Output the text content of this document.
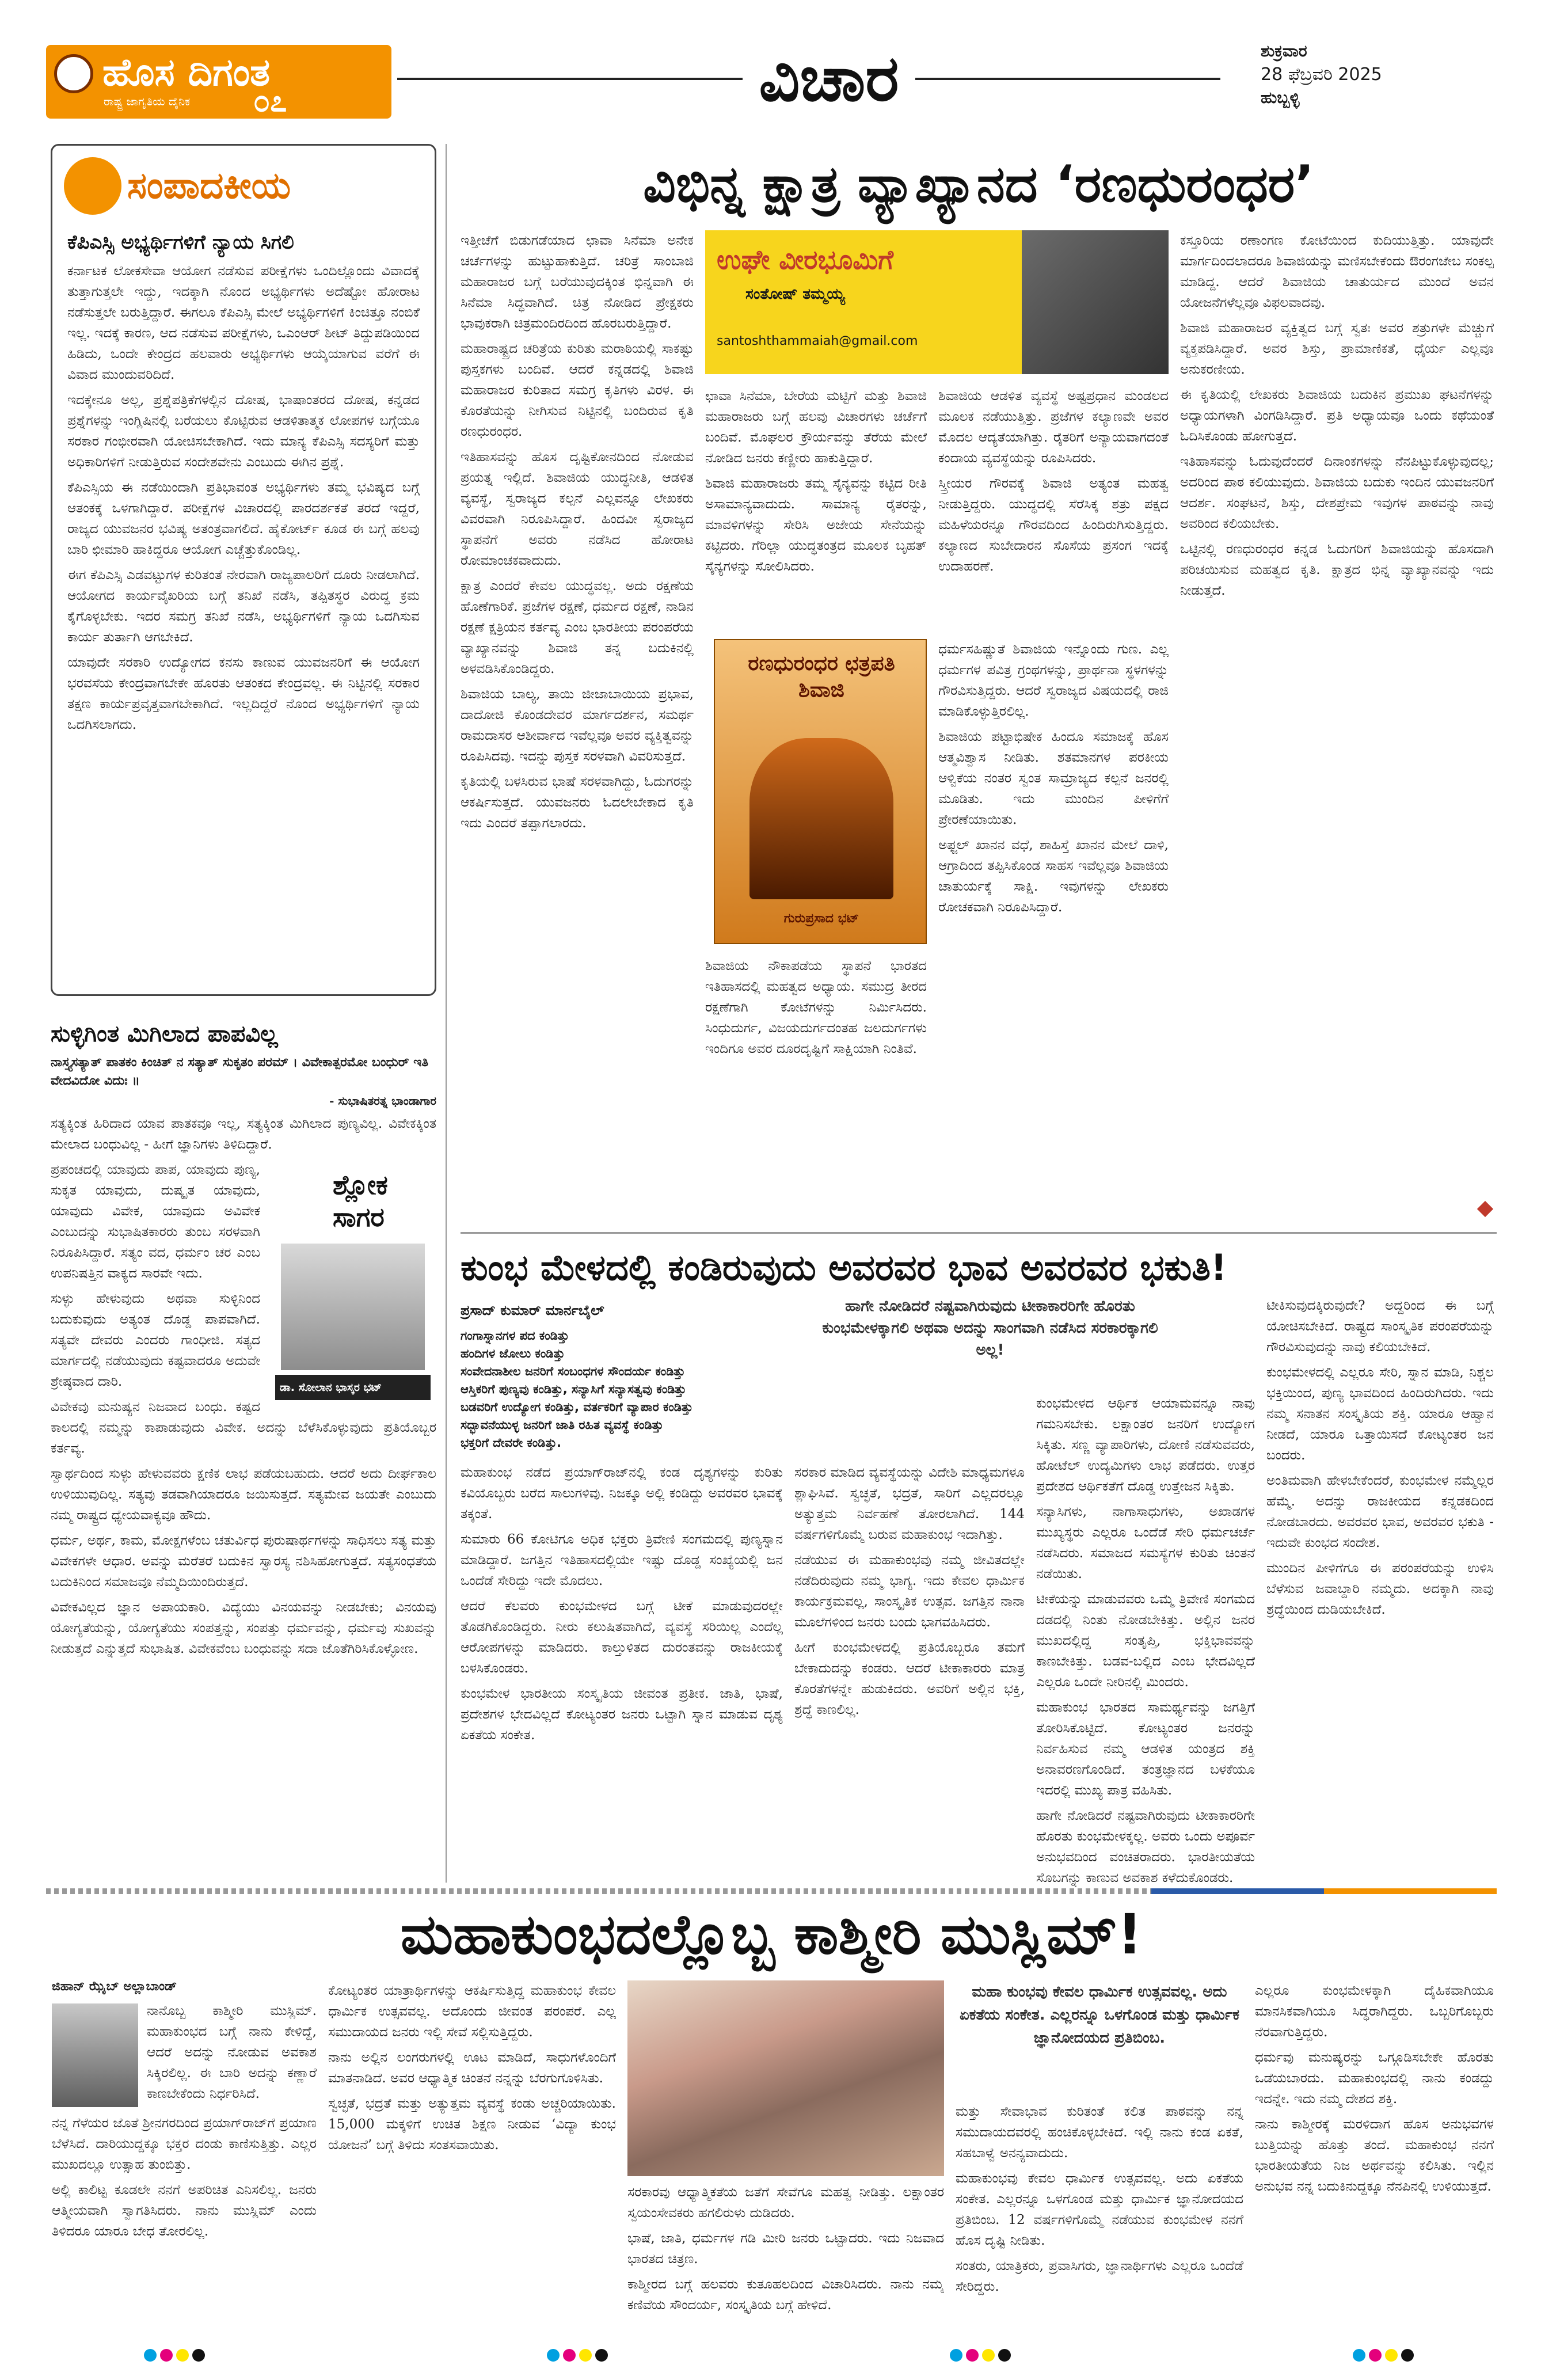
ಹೊಸ ದಿಗಂತ
ರಾಷ್ಟ್ರ ಜಾಗೃತಿಯ ದೈನಿಕ ೦೭	ವಿಚಾರ	ಶುಕ್ರವಾರ
28 ಫೆಬ್ರವರಿ 2025
ಹುಬ್ಬಳ್ಳಿ
ಸಂಪಾದಕೀಯ
ಕೆಪಿಎಸ್ಸಿ ಅಭ್ಯರ್ಥಿಗಳಿಗೆ ನ್ಯಾಯ ಸಿಗಲಿ

ಕರ್ನಾಟಕ ಲೋಕಸೇವಾ ಆಯೋಗ ನಡೆಸುವ ಪರೀಕ್ಷೆಗಳು ಒಂದಿಲ್ಲೊಂದು ವಿವಾದಕ್ಕೆ ತುತ್ತಾಗುತ್ತಲೇ ಇದ್ದು, ಇದಕ್ಕಾಗಿ ನೊಂದ ಅಭ್ಯರ್ಥಿಗಳು ಅದೆಷ್ಟೋ ಹೋರಾಟ ನಡೆಸುತ್ತಲೇ ಬರುತ್ತಿದ್ದಾರೆ. ಈಗಲೂ ಕೆಪಿಎಸ್ಸಿ ಮೇಲೆ ಅಭ್ಯರ್ಥಿಗಳಿಗೆ ಕಿಂಚಿತ್ತೂ ನಂಬಿಕೆ ಇಲ್ಲ. ಇದಕ್ಕೆ ಕಾರಣ, ಆದ ನಡೆಸುವ ಪರೀಕ್ಷೆಗಳು, ಒಎಂಆರ್ ಶೀಟ್ ತಿದ್ದುಪಡಿಯಿಂದ ಹಿಡಿದು, ಒಂದೇ ಕೇಂದ್ರದ ಹಲವಾರು ಅಭ್ಯರ್ಥಿಗಳು ಆಯ್ಕೆಯಾಗುವ ವರೆಗೆ ಈ ವಿವಾದ ಮುಂದುವರಿದಿದೆ.

ಇದಕ್ಕೇನೂ ಅಲ್ಲ, ಪ್ರಶ್ನೆಪತ್ರಿಕೆಗಳಲ್ಲಿನ ದೋಷ, ಭಾಷಾಂತರದ ದೋಷ, ಕನ್ನಡದ ಪ್ರಶ್ನೆಗಳನ್ನು ಇಂಗ್ಲಿಷಿನಲ್ಲಿ ಬರೆಯಲು ಕೊಟ್ಟಿರುವ ಆಡಳಿತಾತ್ಮಕ ಲೋಪಗಳ ಬಗ್ಗೆಯೂ ಸರಕಾರ ಗಂಭೀರವಾಗಿ ಯೋಚಿಸಬೇಕಾಗಿದೆ. ಇದು ಮಾನ್ಯ ಕೆಪಿಎಸ್ಸಿ ಸದಸ್ಯರಿಗೆ ಮತ್ತು ಅಧಿಕಾರಿಗಳಿಗೆ ನೀಡುತ್ತಿರುವ ಸಂದೇಶವೇನು ಎಂಬುದು ಈಗಿನ ಪ್ರಶ್ನೆ.

ಕೆಪಿಎಸ್ಸಿಯ ಈ ನಡೆಯಿಂದಾಗಿ ಪ್ರತಿಭಾವಂತ ಅಭ್ಯರ್ಥಿಗಳು ತಮ್ಮ ಭವಿಷ್ಯದ ಬಗ್ಗೆ ಆತಂಕಕ್ಕೆ ಒಳಗಾಗಿದ್ದಾರೆ. ಪರೀಕ್ಷೆಗಳ ವಿಚಾರದಲ್ಲಿ ಪಾರದರ್ಶಕತೆ ತರದೆ ಇದ್ದರೆ, ರಾಜ್ಯದ ಯುವಜನರ ಭವಿಷ್ಯ ಅತಂತ್ರವಾಗಲಿದೆ. ಹೈಕೋರ್ಟ್ ಕೂಡ ಈ ಬಗ್ಗೆ ಹಲವು ಬಾರಿ ಛೀಮಾರಿ ಹಾಕಿದ್ದರೂ ಆಯೋಗ ಎಚ್ಚೆತ್ತುಕೊಂಡಿಲ್ಲ.

ಈಗ ಕೆಪಿಎಸ್ಸಿ ಎಡವಟ್ಟುಗಳ ಕುರಿತಂತೆ ನೇರವಾಗಿ ರಾಜ್ಯಪಾಲರಿಗೆ ದೂರು ನೀಡಲಾಗಿದೆ. ಆಯೋಗದ ಕಾರ್ಯವೈಖರಿಯ ಬಗ್ಗೆ ತನಿಖೆ ನಡೆಸಿ, ತಪ್ಪಿತಸ್ಥರ ವಿರುದ್ಧ ಕ್ರಮ ಕೈಗೊಳ್ಳಬೇಕು. ಇದರ ಸಮಗ್ರ ತನಿಖೆ ನಡೆಸಿ, ಅಭ್ಯರ್ಥಿಗಳಿಗೆ ನ್ಯಾಯ ಒದಗಿಸುವ ಕಾರ್ಯ ತುರ್ತಾಗಿ ಆಗಬೇಕಿದೆ.

ಯಾವುದೇ ಸರಕಾರಿ ಉದ್ಯೋಗದ ಕನಸು ಕಾಣುವ ಯುವಜನರಿಗೆ ಈ ಆಯೋಗ ಭರವಸೆಯ ಕೇಂದ್ರವಾಗಬೇಕೇ ಹೊರತು ಆತಂಕದ ಕೇಂದ್ರವಲ್ಲ. ಈ ನಿಟ್ಟಿನಲ್ಲಿ ಸರಕಾರ ತಕ್ಷಣ ಕಾರ್ಯಪ್ರವೃತ್ತವಾಗಬೇಕಾಗಿದೆ. ಇಲ್ಲದಿದ್ದರೆ ನೊಂದ ಅಭ್ಯರ್ಥಿಗಳಿಗೆ ನ್ಯಾಯ ಒದಗಿಸಲಾಗದು.

ಸುಳ್ಳಿಗಿಂತ ಮಿಗಿಲಾದ ಪಾಪವಿಲ್ಲ
ನಾಸ್ತ್ಯಸತ್ಯಾತ್ ಪಾತಕಂ ಕಿಂಚಿತ್ ನ ಸತ್ಯಾತ್ ಸುಕೃತಂ ಪರಮ್ । ವಿವೇಕಾತ್ಪರಮೋ ಬಂಧುರ್ ಇತಿ ವೇದವಿದೋ ವಿದುಃ ॥
- ಸುಭಾಷಿತರತ್ನ ಭಾಂಡಾಗಾರ

ಸತ್ಯಕ್ಕಿಂತ ಹಿರಿದಾದ ಯಾವ ಪಾತಕವೂ ಇಲ್ಲ, ಸತ್ಯಕ್ಕಿಂತ ಮಿಗಿಲಾದ ಪುಣ್ಯವಿಲ್ಲ. ವಿವೇಕಕ್ಕಿಂತ ಮೇಲಾದ ಬಂಧುವಿಲ್ಲ - ಹೀಗೆ ಜ್ಞಾನಿಗಳು ತಿಳಿದಿದ್ದಾರೆ.

ಶ್ಲೋಕ ಸಾಗರ
ಡಾ. ಸೋಲಾನ ಭಾಸ್ಕರ ಭಟ್

ಪ್ರಪಂಚದಲ್ಲಿ ಯಾವುದು ಪಾಪ, ಯಾವುದು ಪುಣ್ಯ, ಸುಕೃತ ಯಾವುದು, ದುಷ್ಕೃತ ಯಾವುದು, ಯಾವುದು ವಿವೇಕ, ಯಾವುದು ಅವಿವೇಕ ಎಂಬುದನ್ನು ಸುಭಾಷಿತಕಾರರು ತುಂಬ ಸರಳವಾಗಿ ನಿರೂಪಿಸಿದ್ದಾರೆ. ಸತ್ಯಂ ವದ, ಧರ್ಮಂ ಚರ ಎಂಬ ಉಪನಿಷತ್ತಿನ ವಾಕ್ಯದ ಸಾರವೇ ಇದು.

ಸುಳ್ಳು ಹೇಳುವುದು ಅಥವಾ ಸುಳ್ಳಿನಿಂದ ಬದುಕುವುದು ಅತ್ಯಂತ ದೊಡ್ಡ ಪಾಪವಾಗಿದೆ. ಸತ್ಯವೇ ದೇವರು ಎಂದರು ಗಾಂಧೀಜಿ. ಸತ್ಯದ ಮಾರ್ಗದಲ್ಲಿ ನಡೆಯುವುದು ಕಷ್ಟವಾದರೂ ಅದುವೇ ಶ್ರೇಷ್ಠವಾದ ದಾರಿ.

ವಿವೇಕವು ಮನುಷ್ಯನ ನಿಜವಾದ ಬಂಧು. ಕಷ್ಟದ ಕಾಲದಲ್ಲಿ ನಮ್ಮನ್ನು ಕಾಪಾಡುವುದು ವಿವೇಕ. ಅದನ್ನು ಬೆಳೆಸಿಕೊಳ್ಳುವುದು ಪ್ರತಿಯೊಬ್ಬರ ಕರ್ತವ್ಯ.

ಸ್ವಾರ್ಥದಿಂದ ಸುಳ್ಳು ಹೇಳುವವರು ಕ್ಷಣಿಕ ಲಾಭ ಪಡೆಯಬಹುದು. ಆದರೆ ಅದು ದೀರ್ಘಕಾಲ ಉಳಿಯುವುದಿಲ್ಲ. ಸತ್ಯವು ತಡವಾಗಿಯಾದರೂ ಜಯಿಸುತ್ತದೆ. ಸತ್ಯಮೇವ ಜಯತೇ ಎಂಬುದು ನಮ್ಮ ರಾಷ್ಟ್ರದ ಧ್ಯೇಯವಾಕ್ಯವೂ ಹೌದು.

ಧರ್ಮ, ಅರ್ಥ, ಕಾಮ, ಮೋಕ್ಷಗಳೆಂಬ ಚತುರ್ವಿಧ ಪುರುಷಾರ್ಥಗಳನ್ನು ಸಾಧಿಸಲು ಸತ್ಯ ಮತ್ತು ವಿವೇಕಗಳೇ ಆಧಾರ. ಅವನ್ನು ಮರೆತರೆ ಬದುಕಿನ ಸ್ವಾರಸ್ಯ ನಶಿಸಿಹೋಗುತ್ತದೆ. ಸತ್ಯಸಂಧತೆಯ ಬದುಕಿನಿಂದ ಸಮಾಜವೂ ನೆಮ್ಮದಿಯಿಂದಿರುತ್ತದೆ.

ವಿವೇಕವಿಲ್ಲದ ಜ್ಞಾನ ಅಪಾಯಕಾರಿ. ವಿದ್ಯೆಯು ವಿನಯವನ್ನು ನೀಡಬೇಕು; ವಿನಯವು ಯೋಗ್ಯತೆಯನ್ನು, ಯೋಗ್ಯತೆಯು ಸಂಪತ್ತನ್ನು, ಸಂಪತ್ತು ಧರ್ಮವನ್ನು, ಧರ್ಮವು ಸುಖವನ್ನು ನೀಡುತ್ತದೆ ಎನ್ನುತ್ತದೆ ಸುಭಾಷಿತ. ವಿವೇಕವೆಂಬ ಬಂಧುವನ್ನು ಸದಾ ಜೊತೆಗಿರಿಸಿಕೊಳ್ಳೋಣ.

ವಿಭಿನ್ನ ಕ್ಷಾತ್ರ ವ್ಯಾಖ್ಯಾನದ ‘ರಣಧುರಂಧರ’

ಇತ್ತೀಚೆಗೆ ಬಿಡುಗಡೆಯಾದ ಛಾವಾ ಸಿನೆಮಾ ಅನೇಕ ಚರ್ಚೆಗಳನ್ನು ಹುಟ್ಟುಹಾಕುತ್ತಿದೆ. ಚರಿತ್ರೆ ಸಾಂಬಾಜಿ ಮಹಾರಾಜರ ಬಗ್ಗೆ ಬರೆಯುವುದಕ್ಕಿಂತ ಭಿನ್ನವಾಗಿ ಈ ಸಿನೆಮಾ ಸಿದ್ಧವಾಗಿದೆ. ಚಿತ್ರ ನೋಡಿದ ಪ್ರೇಕ್ಷಕರು ಭಾವುಕರಾಗಿ ಚಿತ್ರಮಂದಿರದಿಂದ ಹೊರಬರುತ್ತಿದ್ದಾರೆ.

ಮಹಾರಾಷ್ಟ್ರದ ಚರಿತ್ರೆಯ ಕುರಿತು ಮರಾಠಿಯಲ್ಲಿ ಸಾಕಷ್ಟು ಪುಸ್ತಕಗಳು ಬಂದಿವೆ. ಆದರೆ ಕನ್ನಡದಲ್ಲಿ ಶಿವಾಜಿ ಮಹಾರಾಜರ ಕುರಿತಾದ ಸಮಗ್ರ ಕೃತಿಗಳು ವಿರಳ. ಈ ಕೊರತೆಯನ್ನು ನೀಗಿಸುವ ನಿಟ್ಟಿನಲ್ಲಿ ಬಂದಿರುವ ಕೃತಿ ರಣಧುರಂಧರ.

ಇತಿಹಾಸವನ್ನು ಹೊಸ ದೃಷ್ಟಿಕೋನದಿಂದ ನೋಡುವ ಪ್ರಯತ್ನ ಇಲ್ಲಿದೆ. ಶಿವಾಜಿಯ ಯುದ್ಧನೀತಿ, ಆಡಳಿತ ವ್ಯವಸ್ಥೆ, ಸ್ವರಾಜ್ಯದ ಕಲ್ಪನೆ ಎಲ್ಲವನ್ನೂ ಲೇಖಕರು ವಿವರವಾಗಿ ನಿರೂಪಿಸಿದ್ದಾರೆ. ಹಿಂದವೀ ಸ್ವರಾಜ್ಯದ ಸ್ಥಾಪನೆಗೆ ಅವರು ನಡೆಸಿದ ಹೋರಾಟ ರೋಮಾಂಚಕವಾದುದು.

ಕ್ಷಾತ್ರ ಎಂದರೆ ಕೇವಲ ಯುದ್ಧವಲ್ಲ. ಅದು ರಕ್ಷಣೆಯ ಹೊಣೆಗಾರಿಕೆ. ಪ್ರಜೆಗಳ ರಕ್ಷಣೆ, ಧರ್ಮದ ರಕ್ಷಣೆ, ನಾಡಿನ ರಕ್ಷಣೆ ಕ್ಷತ್ರಿಯನ ಕರ್ತವ್ಯ ಎಂಬ ಭಾರತೀಯ ಪರಂಪರೆಯ ವ್ಯಾಖ್ಯಾನವನ್ನು ಶಿವಾಜಿ ತನ್ನ ಬದುಕಿನಲ್ಲಿ ಅಳವಡಿಸಿಕೊಂಡಿದ್ದರು.

ಶಿವಾಜಿಯ ಬಾಲ್ಯ, ತಾಯಿ ಜೀಜಾಬಾಯಿಯ ಪ್ರಭಾವ, ದಾದೋಜಿ ಕೊಂಡದೇವರ ಮಾರ್ಗದರ್ಶನ, ಸಮರ್ಥ ರಾಮದಾಸರ ಆಶೀರ್ವಾದ ಇವೆಲ್ಲವೂ ಅವರ ವ್ಯಕ್ತಿತ್ವವನ್ನು ರೂಪಿಸಿದವು. ಇದನ್ನು ಪುಸ್ತಕ ಸರಳವಾಗಿ ವಿವರಿಸುತ್ತದೆ.

ಕೃತಿಯಲ್ಲಿ ಬಳಸಿರುವ ಭಾಷೆ ಸರಳವಾಗಿದ್ದು, ಓದುಗರನ್ನು ಆಕರ್ಷಿಸುತ್ತದೆ. ಯುವಜನರು ಓದಲೇಬೇಕಾದ ಕೃತಿ ಇದು ಎಂದರೆ ತಪ್ಪಾಗಲಾರದು.

ಉಘೇ ವೀರಭೂಮಿಗೆ
ಸಂತೋಷ್ ತಮ್ಮಯ್ಯ
santoshthammaiah@gmail.com

ಛಾವಾ ಸಿನೆಮಾ, ಬೇರೆಯ ಮಟ್ಟಿಗೆ ಮತ್ತು ಶಿವಾಜಿ ಮಹಾರಾಜರು ಬಗ್ಗೆ ಹಲವು ವಿಚಾರಗಳು ಚರ್ಚೆಗೆ ಬಂದಿವೆ. ಮೊಘಲರ ಕ್ರೌರ್ಯವನ್ನು ತೆರೆಯ ಮೇಲೆ ನೋಡಿದ ಜನರು ಕಣ್ಣೀರು ಹಾಕುತ್ತಿದ್ದಾರೆ.

ಶಿವಾಜಿ ಮಹಾರಾಜರು ತಮ್ಮ ಸೈನ್ಯವನ್ನು ಕಟ್ಟಿದ ರೀತಿ ಅಸಾಮಾನ್ಯವಾದುದು. ಸಾಮಾನ್ಯ ರೈತರನ್ನು, ಮಾವಳಿಗಳನ್ನು ಸೇರಿಸಿ ಅಜೇಯ ಸೇನೆಯನ್ನು ಕಟ್ಟಿದರು. ಗೆರಿಲ್ಲಾ ಯುದ್ಧತಂತ್ರದ ಮೂಲಕ ಬೃಹತ್ ಸೈನ್ಯಗಳನ್ನು ಸೋಲಿಸಿದರು.

ಶಿವಾಜಿಯ ಆಡಳಿತ ವ್ಯವಸ್ಥೆ ಅಷ್ಟಪ್ರಧಾನ ಮಂಡಲದ ಮೂಲಕ ನಡೆಯುತ್ತಿತ್ತು. ಪ್ರಜೆಗಳ ಕಲ್ಯಾಣವೇ ಅವರ ಮೊದಲ ಆದ್ಯತೆಯಾಗಿತ್ತು. ರೈತರಿಗೆ ಅನ್ಯಾಯವಾಗದಂತೆ ಕಂದಾಯ ವ್ಯವಸ್ಥೆಯನ್ನು ರೂಪಿಸಿದರು.

ಸ್ತ್ರೀಯರ ಗೌರವಕ್ಕೆ ಶಿವಾಜಿ ಅತ್ಯಂತ ಮಹತ್ವ ನೀಡುತ್ತಿದ್ದರು. ಯುದ್ಧದಲ್ಲಿ ಸೆರೆಸಿಕ್ಕ ಶತ್ರು ಪಕ್ಷದ ಮಹಿಳೆಯರನ್ನೂ ಗೌರವದಿಂದ ಹಿಂದಿರುಗಿಸುತ್ತಿದ್ದರು. ಕಲ್ಯಾಣದ ಸುಬೇದಾರನ ಸೊಸೆಯ ಪ್ರಸಂಗ ಇದಕ್ಕೆ ಉದಾಹರಣೆ.

ರಣಧುರಂಧರ ಛತ್ರಪತಿ ಶಿವಾಜಿ
ಗುರುಪ್ರಸಾದ ಭಟ್

ಧರ್ಮಸಹಿಷ್ಣುತೆ ಶಿವಾಜಿಯ ಇನ್ನೊಂದು ಗುಣ. ಎಲ್ಲ ಧರ್ಮಗಳ ಪವಿತ್ರ ಗ್ರಂಥಗಳನ್ನು, ಪ್ರಾರ್ಥನಾ ಸ್ಥಳಗಳನ್ನು ಗೌರವಿಸುತ್ತಿದ್ದರು. ಆದರೆ ಸ್ವರಾಜ್ಯದ ವಿಷಯದಲ್ಲಿ ರಾಜಿ ಮಾಡಿಕೊಳ್ಳುತ್ತಿರಲಿಲ್ಲ.

ಶಿವಾಜಿಯ ಪಟ್ಟಾಭಿಷೇಕ ಹಿಂದೂ ಸಮಾಜಕ್ಕೆ ಹೊಸ ಆತ್ಮವಿಶ್ವಾಸ ನೀಡಿತು. ಶತಮಾನಗಳ ಪರಕೀಯ ಆಳ್ವಿಕೆಯ ನಂತರ ಸ್ವಂತ ಸಾಮ್ರಾಜ್ಯದ ಕಲ್ಪನೆ ಜನರಲ್ಲಿ ಮೂಡಿತು. ಇದು ಮುಂದಿನ ಪೀಳಿಗೆಗೆ ಪ್ರೇರಣೆಯಾಯಿತು.

ಅಫ್ಜಲ್ ಖಾನನ ವಧೆ, ಶಾಹಿಸ್ತೆ ಖಾನನ ಮೇಲೆ ದಾಳಿ, ಆಗ್ರಾದಿಂದ ತಪ್ಪಿಸಿಕೊಂಡ ಸಾಹಸ ಇವೆಲ್ಲವೂ ಶಿವಾಜಿಯ ಚಾತುರ್ಯಕ್ಕೆ ಸಾಕ್ಷಿ. ಇವುಗಳನ್ನು ಲೇಖಕರು ರೋಚಕವಾಗಿ ನಿರೂಪಿಸಿದ್ದಾರೆ.

ಶಿವಾಜಿಯ ನೌಕಾಪಡೆಯ ಸ್ಥಾಪನೆ ಭಾರತದ ಇತಿಹಾಸದಲ್ಲಿ ಮಹತ್ವದ ಅಧ್ಯಾಯ. ಸಮುದ್ರ ತೀರದ ರಕ್ಷಣೆಗಾಗಿ ಕೋಟೆಗಳನ್ನು ನಿರ್ಮಿಸಿದರು. ಸಿಂಧುದುರ್ಗ, ವಿಜಯದುರ್ಗದಂತಹ ಜಲದುರ್ಗಗಳು ಇಂದಿಗೂ ಅವರ ದೂರದೃಷ್ಟಿಗೆ ಸಾಕ್ಷಿಯಾಗಿ ನಿಂತಿವೆ.

ಕಸ್ತೂರಿಯ ರಣಾಂಗಣ ಕೋಟೆಯಿಂದ ಕುದಿಯುತ್ತಿತ್ತು. ಯಾವುದೇ ಮಾರ್ಗದಿಂದಲಾದರೂ ಶಿವಾಜಿಯನ್ನು ಮಣಿಸಬೇಕೆಂದು ಔರಂಗಜೇಬ ಸಂಕಲ್ಪ ಮಾಡಿದ್ದ. ಆದರೆ ಶಿವಾಜಿಯ ಚಾತುರ್ಯದ ಮುಂದೆ ಅವನ ಯೋಜನೆಗಳೆಲ್ಲವೂ ವಿಫಲವಾದವು.

ಶಿವಾಜಿ ಮಹಾರಾಜರ ವ್ಯಕ್ತಿತ್ವದ ಬಗ್ಗೆ ಸ್ವತಃ ಅವರ ಶತ್ರುಗಳೇ ಮೆಚ್ಚುಗೆ ವ್ಯಕ್ತಪಡಿಸಿದ್ದಾರೆ. ಅವರ ಶಿಸ್ತು, ಪ್ರಾಮಾಣಿಕತೆ, ಧೈರ್ಯ ಎಲ್ಲವೂ ಅನುಕರಣೀಯ.

ಈ ಕೃತಿಯಲ್ಲಿ ಲೇಖಕರು ಶಿವಾಜಿಯ ಬದುಕಿನ ಪ್ರಮುಖ ಘಟನೆಗಳನ್ನು ಅಧ್ಯಾಯಗಳಾಗಿ ವಿಂಗಡಿಸಿದ್ದಾರೆ. ಪ್ರತಿ ಅಧ್ಯಾಯವೂ ಒಂದು ಕಥೆಯಂತೆ ಓದಿಸಿಕೊಂಡು ಹೋಗುತ್ತದೆ.

ಇತಿಹಾಸವನ್ನು ಓದುವುದೆಂದರೆ ದಿನಾಂಕಗಳನ್ನು ನೆನಪಿಟ್ಟುಕೊಳ್ಳುವುದಲ್ಲ; ಅದರಿಂದ ಪಾಠ ಕಲಿಯುವುದು. ಶಿವಾಜಿಯ ಬದುಕು ಇಂದಿನ ಯುವಜನರಿಗೆ ಆದರ್ಶ. ಸಂಘಟನೆ, ಶಿಸ್ತು, ದೇಶಪ್ರೇಮ ಇವುಗಳ ಪಾಠವನ್ನು ನಾವು ಅವರಿಂದ ಕಲಿಯಬೇಕು.

ಒಟ್ಟಿನಲ್ಲಿ ರಣಧುರಂಧರ ಕನ್ನಡ ಓದುಗರಿಗೆ ಶಿವಾಜಿಯನ್ನು ಹೊಸದಾಗಿ ಪರಿಚಯಿಸುವ ಮಹತ್ವದ ಕೃತಿ. ಕ್ಷಾತ್ರದ ಭಿನ್ನ ವ್ಯಾಖ್ಯಾನವನ್ನು ಇದು ನೀಡುತ್ತದೆ.

ಕುಂಭ ಮೇಳದಲ್ಲಿ ಕಂಡಿರುವುದು ಅವರವರ ಭಾವ ಅವರವರ ಭಕುತಿ!
ಪ್ರಸಾದ್ ಕುಮಾರ್ ಮಾರ್ನಬೈಲ್
ಗಂಗಾಸ್ನಾನಗಳ ಪದ ಕಂಡಿತ್ತು
ಹಂದಿಗಳ ಜೋಲು ಕಂಡಿತ್ತು
ಸಂವೇದನಾಶೀಲ ಜನರಿಗೆ ಸಂಬಂಧಗಳ ಸೌಂದರ್ಯ ಕಂಡಿತ್ತು
ಆಸ್ತಿಕರಿಗೆ ಪುಣ್ಯವು ಕಂಡಿತ್ತು, ಸನ್ಯಾಸಿಗೆ ಸನ್ಯಾಸತ್ವವು ಕಂಡಿತ್ತು
ಬಡವರಿಗೆ ಉದ್ಯೋಗ ಕಂಡಿತ್ತು, ವರ್ತಕರಿಗೆ ವ್ಯಾಪಾರ ಕಂಡಿತ್ತು
ಸದ್ಭಾವನೆಯುಳ್ಳ ಜನರಿಗೆ ಜಾತಿ ರಹಿತ ವ್ಯವಸ್ಥೆ ಕಂಡಿತ್ತು
ಭಕ್ತರಿಗೆ ದೇವರೇ ಕಂಡಿತ್ತು.

ಮಹಾಕುಂಭ ನಡೆದ ಪ್ರಯಾಗ್‌ರಾಜ್‌ನಲ್ಲಿ ಕಂಡ ದೃಶ್ಯಗಳನ್ನು ಕುರಿತು ಕವಿಯೊಬ್ಬರು ಬರೆದ ಸಾಲುಗಳಿವು. ನಿಜಕ್ಕೂ ಅಲ್ಲಿ ಕಂಡಿದ್ದು ಅವರವರ ಭಾವಕ್ಕೆ ತಕ್ಕಂತೆ.

ಸುಮಾರು 66 ಕೋಟಿಗೂ ಅಧಿಕ ಭಕ್ತರು ತ್ರಿವೇಣಿ ಸಂಗಮದಲ್ಲಿ ಪುಣ್ಯಸ್ನಾನ ಮಾಡಿದ್ದಾರೆ. ಜಗತ್ತಿನ ಇತಿಹಾಸದಲ್ಲಿಯೇ ಇಷ್ಟು ದೊಡ್ಡ ಸಂಖ್ಯೆಯಲ್ಲಿ ಜನ ಒಂದೆಡೆ ಸೇರಿದ್ದು ಇದೇ ಮೊದಲು.

ಆದರೆ ಕೆಲವರು ಕುಂಭಮೇಳದ ಬಗ್ಗೆ ಟೀಕೆ ಮಾಡುವುದರಲ್ಲೇ ತೊಡಗಿಕೊಂಡಿದ್ದರು. ನೀರು ಕಲುಷಿತವಾಗಿದೆ, ವ್ಯವಸ್ಥೆ ಸರಿಯಿಲ್ಲ ಎಂದೆಲ್ಲ ಆರೋಪಗಳನ್ನು ಮಾಡಿದರು. ಕಾಲ್ತುಳಿತದ ದುರಂತವನ್ನು ರಾಜಕೀಯಕ್ಕೆ ಬಳಸಿಕೊಂಡರು.

ಕುಂಭಮೇಳ ಭಾರತೀಯ ಸಂಸ್ಕೃತಿಯ ಜೀವಂತ ಪ್ರತೀಕ. ಜಾತಿ, ಭಾಷೆ, ಪ್ರದೇಶಗಳ ಭೇದವಿಲ್ಲದೆ ಕೋಟ್ಯಂತರ ಜನರು ಒಟ್ಟಾಗಿ ಸ್ನಾನ ಮಾಡುವ ದೃಶ್ಯ ಏಕತೆಯ ಸಂಕೇತ.

ಸರಕಾರ ಮಾಡಿದ ವ್ಯವಸ್ಥೆಯನ್ನು ವಿದೇಶಿ ಮಾಧ್ಯಮಗಳೂ ಶ್ಲಾಘಿಸಿವೆ. ಸ್ವಚ್ಛತೆ, ಭದ್ರತೆ, ಸಾರಿಗೆ ಎಲ್ಲದರಲ್ಲೂ ಅತ್ಯುತ್ತಮ ನಿರ್ವಹಣೆ ತೋರಲಾಗಿದೆ. 144 ವರ್ಷಗಳಿಗೊಮ್ಮೆ ಬರುವ ಮಹಾಕುಂಭ ಇದಾಗಿತ್ತು.

ನಡೆಯುವ ಈ ಮಹಾಕುಂಭವು ನಮ್ಮ ಜೀವಿತದಲ್ಲೇ ನಡೆದಿರುವುದು ನಮ್ಮ ಭಾಗ್ಯ. ಇದು ಕೇವಲ ಧಾರ್ಮಿಕ ಕಾರ್ಯಕ್ರಮವಲ್ಲ, ಸಾಂಸ್ಕೃತಿಕ ಉತ್ಸವ. ಜಗತ್ತಿನ ನಾನಾ ಮೂಲೆಗಳಿಂದ ಜನರು ಬಂದು ಭಾಗವಹಿಸಿದರು.

ಹೀಗೆ ಕುಂಭಮೇಳದಲ್ಲಿ ಪ್ರತಿಯೊಬ್ಬರೂ ತಮಗೆ ಬೇಕಾದುದನ್ನು ಕಂಡರು. ಆದರೆ ಟೀಕಾಕಾರರು ಮಾತ್ರ ಕೊರತೆಗಳನ್ನೇ ಹುಡುಕಿದರು. ಅವರಿಗೆ ಅಲ್ಲಿನ ಭಕ್ತಿ, ಶ್ರದ್ಧೆ ಕಾಣಲಿಲ್ಲ.

ಹಾಗೇ ನೋಡಿದರೆ ನಷ್ಟವಾಗಿರುವುದು ಟೀಕಾಕಾರರಿಗೇ ಹೊರತು ಕುಂಭಮೇಳಕ್ಕಾಗಲಿ ಅಥವಾ ಅದನ್ನು ಸಾಂಗವಾಗಿ ನಡೆಸಿದ ಸರಕಾರಕ್ಕಾಗಲಿ ಅಲ್ಲ!

ಕುಂಭಮೇಳದ ಆರ್ಥಿಕ ಆಯಾಮವನ್ನೂ ನಾವು ಗಮನಿಸಬೇಕು. ಲಕ್ಷಾಂತರ ಜನರಿಗೆ ಉದ್ಯೋಗ ಸಿಕ್ಕಿತು. ಸಣ್ಣ ವ್ಯಾಪಾರಿಗಳು, ದೋಣಿ ನಡೆಸುವವರು, ಹೋಟೆಲ್ ಉದ್ಯಮಿಗಳು ಲಾಭ ಪಡೆದರು. ಉತ್ತರ ಪ್ರದೇಶದ ಆರ್ಥಿಕತೆಗೆ ದೊಡ್ಡ ಉತ್ತೇಜನ ಸಿಕ್ಕಿತು.

ಸನ್ಯಾಸಿಗಳು, ನಾಗಾಸಾಧುಗಳು, ಅಖಾಡಗಳ ಮುಖ್ಯಸ್ಥರು ಎಲ್ಲರೂ ಒಂದೆಡೆ ಸೇರಿ ಧರ್ಮಚರ್ಚೆ ನಡೆಸಿದರು. ಸಮಾಜದ ಸಮಸ್ಯೆಗಳ ಕುರಿತು ಚಿಂತನೆ ನಡೆಯಿತು.

ಟೀಕೆಯನ್ನು ಮಾಡುವವರು ಒಮ್ಮೆ ತ್ರಿವೇಣಿ ಸಂಗಮದ ದಡದಲ್ಲಿ ನಿಂತು ನೋಡಬೇಕಿತ್ತು. ಅಲ್ಲಿನ ಜನರ ಮುಖದಲ್ಲಿದ್ದ ಸಂತೃಪ್ತಿ, ಭಕ್ತಿಭಾವವನ್ನು ಕಾಣಬೇಕಿತ್ತು. ಬಡವ-ಬಲ್ಲಿದ ಎಂಬ ಭೇದವಿಲ್ಲದೆ ಎಲ್ಲರೂ ಒಂದೇ ನೀರಿನಲ್ಲಿ ಮಿಂದರು.

ಮಹಾಕುಂಭ ಭಾರತದ ಸಾಮರ್ಥ್ಯವನ್ನು ಜಗತ್ತಿಗೆ ತೋರಿಸಿಕೊಟ್ಟಿದೆ. ಕೋಟ್ಯಂತರ ಜನರನ್ನು ನಿರ್ವಹಿಸುವ ನಮ್ಮ ಆಡಳಿತ ಯಂತ್ರದ ಶಕ್ತಿ ಅನಾವರಣಗೊಂಡಿದೆ. ತಂತ್ರಜ್ಞಾನದ ಬಳಕೆಯೂ ಇದರಲ್ಲಿ ಮುಖ್ಯ ಪಾತ್ರ ವಹಿಸಿತು.

ಹಾಗೇ ನೋಡಿದರೆ ನಷ್ಟವಾಗಿರುವುದು ಟೀಕಾಕಾರರಿಗೇ ಹೊರತು ಕುಂಭಮೇಳಕ್ಕಲ್ಲ. ಅವರು ಒಂದು ಅಪೂರ್ವ ಅನುಭವದಿಂದ ವಂಚಿತರಾದರು. ಭಾರತೀಯತೆಯ ಸೊಬಗನ್ನು ಕಾಣುವ ಅವಕಾಶ ಕಳೆದುಕೊಂಡರು.

ಟೀಕಿಸುವುದಕ್ಕಿರುವುದೇ? ಅದ್ದರಿಂದ ಈ ಬಗ್ಗೆ ಯೋಚಿಸಬೇಕಿದೆ. ರಾಷ್ಟ್ರದ ಸಾಂಸ್ಕೃತಿಕ ಪರಂಪರೆಯನ್ನು ಗೌರವಿಸುವುದನ್ನು ನಾವು ಕಲಿಯಬೇಕಿದೆ.

ಕುಂಭಮೇಳದಲ್ಲಿ ಎಲ್ಲರೂ ಸೇರಿ, ಸ್ನಾನ ಮಾಡಿ, ನಿಶ್ಚಲ ಭಕ್ತಿಯಿಂದ, ಪುಣ್ಯ ಭಾವದಿಂದ ಹಿಂದಿರುಗಿದರು. ಇದು ನಮ್ಮ ಸನಾತನ ಸಂಸ್ಕೃತಿಯ ಶಕ್ತಿ. ಯಾರೂ ಆಹ್ವಾನ ನೀಡದೆ, ಯಾರೂ ಒತ್ತಾಯಿಸದೆ ಕೋಟ್ಯಂತರ ಜನ ಬಂದರು.

ಅಂತಿಮವಾಗಿ ಹೇಳಬೇಕೆಂದರೆ, ಕುಂಭಮೇಳ ನಮ್ಮೆಲ್ಲರ ಹೆಮ್ಮೆ. ಅದನ್ನು ರಾಜಕೀಯದ ಕನ್ನಡಕದಿಂದ ನೋಡಬಾರದು. ಅವರವರ ಭಾವ, ಅವರವರ ಭಕುತಿ - ಇದುವೇ ಕುಂಭದ ಸಂದೇಶ.

ಮುಂದಿನ ಪೀಳಿಗೆಗೂ ಈ ಪರಂಪರೆಯನ್ನು ಉಳಿಸಿ ಬೆಳೆಸುವ ಜವಾಬ್ದಾರಿ ನಮ್ಮದು. ಅದಕ್ಕಾಗಿ ನಾವು ಶ್ರದ್ಧೆಯಿಂದ ದುಡಿಯಬೇಕಿದೆ.

ಮಹಾಕುಂಭದಲ್ಲೊಬ್ಬ ಕಾಶ್ಮೀರಿ ಮುಸ್ಲಿಮ್!
ಜಿಹಾನ್ ಝೈಬ್ ಅಲ್ಲಾಬಾಂಡ್

ನಾನೊಬ್ಬ ಕಾಶ್ಮೀರಿ ಮುಸ್ಲಿಮ್. ಮಹಾಕುಂಭದ ಬಗ್ಗೆ ನಾನು ಕೇಳಿದ್ದೆ, ಆದರೆ ಅದನ್ನು ನೋಡುವ ಅವಕಾಶ ಸಿಕ್ಕಿರಲಿಲ್ಲ. ಈ ಬಾರಿ ಅದನ್ನು ಕಣ್ಣಾರೆ ಕಾಣಬೇಕೆಂದು ನಿರ್ಧರಿಸಿದೆ.

ನನ್ನ ಗೆಳೆಯರ ಜೊತೆ ಶ್ರೀನಗರದಿಂದ ಪ್ರಯಾಗ್‌ರಾಜ್‌ಗೆ ಪ್ರಯಾಣ ಬೆಳೆಸಿದೆ. ದಾರಿಯುದ್ದಕ್ಕೂ ಭಕ್ತರ ದಂಡು ಕಾಣಿಸುತ್ತಿತ್ತು. ಎಲ್ಲರ ಮುಖದಲ್ಲೂ ಉತ್ಸಾಹ ತುಂಬಿತ್ತು.

ಅಲ್ಲಿ ಕಾಲಿಟ್ಟ ಕೂಡಲೇ ನನಗೆ ಅಪರಿಚಿತ ಎನಿಸಲಿಲ್ಲ. ಜನರು ಆತ್ಮೀಯವಾಗಿ ಸ್ವಾಗತಿಸಿದರು. ನಾನು ಮುಸ್ಲಿಮ್ ಎಂದು ತಿಳಿದರೂ ಯಾರೂ ಬೇಧ ತೋರಲಿಲ್ಲ.

ಕೋಟ್ಯಂತರ ಯಾತ್ರಾರ್ಥಿಗಳನ್ನು ಆಕರ್ಷಿಸುತ್ತಿದ್ದ ಮಹಾಕುಂಭ ಕೇವಲ ಧಾರ್ಮಿಕ ಉತ್ಸವವಲ್ಲ. ಅದೊಂದು ಜೀವಂತ ಪರಂಪರೆ. ಎಲ್ಲ ಸಮುದಾಯದ ಜನರು ಇಲ್ಲಿ ಸೇವೆ ಸಲ್ಲಿಸುತ್ತಿದ್ದರು.

ನಾನು ಅಲ್ಲಿನ ಲಂಗರುಗಳಲ್ಲಿ ಊಟ ಮಾಡಿದೆ, ಸಾಧುಗಳೊಂದಿಗೆ ಮಾತನಾಡಿದೆ. ಅವರ ಆಧ್ಯಾತ್ಮಿಕ ಚಿಂತನೆ ನನ್ನನ್ನು ಬೆರಗುಗೊಳಿಸಿತು.

ಸ್ವಚ್ಛತೆ, ಭದ್ರತೆ ಮತ್ತು ಅತ್ಯುತ್ತಮ ವ್ಯವಸ್ಥೆ ಕಂಡು ಅಚ್ಚರಿಯಾಯಿತು. 15,000 ಮಕ್ಕಳಿಗೆ ಉಚಿತ ಶಿಕ್ಷಣ ನೀಡುವ ‘ವಿದ್ಯಾ ಕುಂಭ ಯೋಜನೆ’ ಬಗ್ಗೆ ತಿಳಿದು ಸಂತಸವಾಯಿತು.

ಸರಕಾರವು ಆಧ್ಯಾತ್ಮಿಕತೆಯ ಜತೆಗೆ ಸೇವೆಗೂ ಮಹತ್ವ ನೀಡಿತ್ತು. ಲಕ್ಷಾಂತರ ಸ್ವಯಂಸೇವಕರು ಹಗಲಿರುಳು ದುಡಿದರು.

ಭಾಷೆ, ಜಾತಿ, ಧರ್ಮಗಳ ಗಡಿ ಮೀರಿ ಜನರು ಒಟ್ಟಾದರು. ಇದು ನಿಜವಾದ ಭಾರತದ ಚಿತ್ರಣ.

ಕಾಶ್ಮೀರದ ಬಗ್ಗೆ ಹಲವರು ಕುತೂಹಲದಿಂದ ವಿಚಾರಿಸಿದರು. ನಾನು ನಮ್ಮ ಕಣಿವೆಯ ಸೌಂದರ್ಯ, ಸಂಸ್ಕೃತಿಯ ಬಗ್ಗೆ ಹೇಳಿದೆ.

ಮಹಾ ಕುಂಭವು ಕೇವಲ ಧಾರ್ಮಿಕ ಉತ್ಸವವಲ್ಲ. ಅದು ಏಕತೆಯ ಸಂಕೇತ. ಎಲ್ಲರನ್ನೂ ಒಳಗೊಂಡ ಮತ್ತು ಧಾರ್ಮಿಕ ಜ್ಞಾನೋದಯದ ಪ್ರತಿಬಿಂಬ.

ಮತ್ತು ಸೇವಾಭಾವ ಕುರಿತಂತೆ ಕಲಿತ ಪಾಠವನ್ನು ನನ್ನ ಸಮುದಾಯದವರಲ್ಲಿ ಹಂಚಿಕೊಳ್ಳಬೇಕಿದೆ. ಇಲ್ಲಿ ನಾನು ಕಂಡ ಏಕತೆ, ಸಹಬಾಳ್ವೆ ಅನನ್ಯವಾದುದು.

ಮಹಾಕುಂಭವು ಕೇವಲ ಧಾರ್ಮಿಕ ಉತ್ಸವವಲ್ಲ. ಅದು ಏಕತೆಯ ಸಂಕೇತ. ಎಲ್ಲರನ್ನೂ ಒಳಗೊಂಡ ಮತ್ತು ಧಾರ್ಮಿಕ ಜ್ಞಾನೋದಯದ ಪ್ರತಿಬಿಂಬ. 12 ವರ್ಷಗಳಿಗೊಮ್ಮೆ ನಡೆಯುವ ಕುಂಭಮೇಳ ನನಗೆ ಹೊಸ ದೃಷ್ಟಿ ನೀಡಿತು.

ಸಂತರು, ಯಾತ್ರಿಕರು, ಪ್ರವಾಸಿಗರು, ಜ್ಞಾನಾರ್ಥಿಗಳು ಎಲ್ಲರೂ ಒಂದೆಡೆ ಸೇರಿದ್ದರು.

ಎಲ್ಲರೂ ಕುಂಭಮೇಳಕ್ಕಾಗಿ ದೈಹಿಕವಾಗಿಯೂ ಮಾನಸಿಕವಾಗಿಯೂ ಸಿದ್ಧರಾಗಿದ್ದರು. ಒಬ್ಬರಿಗೊಬ್ಬರು ನೆರವಾಗುತ್ತಿದ್ದರು.

ಧರ್ಮವು ಮನುಷ್ಯರನ್ನು ಒಗ್ಗೂಡಿಸಬೇಕೇ ಹೊರತು ಒಡೆಯಬಾರದು. ಮಹಾಕುಂಭದಲ್ಲಿ ನಾನು ಕಂಡದ್ದು ಇದನ್ನೇ. ಇದು ನಮ್ಮ ದೇಶದ ಶಕ್ತಿ.

ನಾನು ಕಾಶ್ಮೀರಕ್ಕೆ ಮರಳಿದಾಗ ಹೊಸ ಅನುಭವಗಳ ಬುತ್ತಿಯನ್ನು ಹೊತ್ತು ತಂದೆ. ಮಹಾಕುಂಭ ನನಗೆ ಭಾರತೀಯತೆಯ ನಿಜ ಅರ್ಥವನ್ನು ಕಲಿಸಿತು. ಇಲ್ಲಿನ ಅನುಭವ ನನ್ನ ಬದುಕಿನುದ್ದಕ್ಕೂ ನೆನಪಿನಲ್ಲಿ ಉಳಿಯುತ್ತದೆ.
